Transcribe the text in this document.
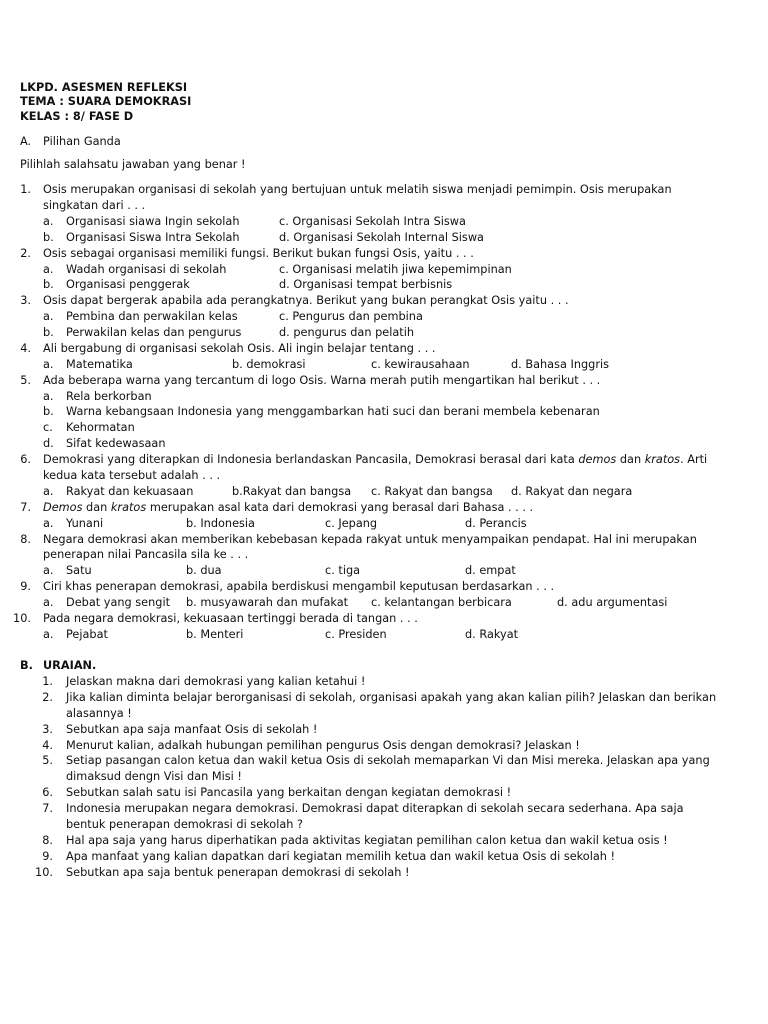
LKPD. ASESMEN REFLEKSI
TEMA : SUARA DEMOKRASI
KELAS : 8/ FASE D
A. Pilihan Ganda
Pilihlah salahsatu jawaban yang benar !
1. Osis merupakan organisasi di sekolah yang bertujuan untuk melatih siswa menjadi pemimpin. Osis merupakan
singkatan dari . . .
a. Organisasi siawa Ingin sekolah	c. Organisasi Sekolah Intra Siswa
b. Organisasi Siswa Intra Sekolah	d. Organisasi Sekolah Internal Siswa
2. Osis sebagai organisasi memiliki fungsi. Berikut bukan fungsi Osis, yaitu . . .
a. Wadah organisasi di sekolah	c. Organisasi melatih jiwa kepemimpinan
b. Organisasi penggerak	d. Organisasi tempat berbisnis
3. Osis dapat bergerak apabila ada perangkatnya. Berikut yang bukan perangkat Osis yaitu . . .
a. Pembina dan perwakilan kelas	c. Pengurus dan pembina
b. Perwakilan kelas dan pengurus	d. pengurus dan pelatih
4. Ali bergabung di organisasi sekolah Osis. Ali ingin belajar tentang . . .
a. Matematika	b. demokrasi	c. kewirausahaan	d. Bahasa Inggris
5. Ada beberapa warna yang tercantum di logo Osis. Warna merah putih mengartikan hal berikut . . .
a. Rela berkorban
b. Warna kebangsaan Indonesia yang menggambarkan hati suci dan berani membela kebenaran
c. Kehormatan
d. Sifat kedewasaan
6. Demokrasi yang diterapkan di Indonesia berlandaskan Pancasila, Demokrasi berasal dari kata demos dan kratos. Arti
kedua kata tersebut adalah . . .
a. Rakyat dan kekuasaan	b.Rakyat dan bangsa c. Rakyat dan bangsa d. Rakyat dan negara
7. Demos dan kratos merupakan asal kata dari demokrasi yang berasal dari Bahasa . . . .
a. Yunani	b. Indonesia	c. Jepang	d. Perancis
8. Negara demokrasi akan memberikan kebebasan kepada rakyat untuk menyampaikan pendapat. Hal ini merupakan
penerapan nilai Pancasila sila ke . . .
a. Satu	b. dua	c. tiga	d. empat
9. Ciri khas penerapan demokrasi, apabila berdiskusi mengambil keputusan berdasarkan . . .
a. Debat yang sengit b. musyawarah dan mufakat c. kelantangan berbicara	d. adu argumentasi
10. Pada negara demokrasi, kekuasaan tertinggi berada di tangan . . .
a. Pejabat	b. Menteri	c. Presiden	d. Rakyat
B. URAIAN.
1. Jelaskan makna dari demokrasi yang kalian ketahui !
2. Jika kalian diminta belajar berorganisasi di sekolah, organisasi apakah yang akan kalian pilih? Jelaskan dan berikan
alasannya !
3. Sebutkan apa saja manfaat Osis di sekolah !
4. Menurut kalian, adalkah hubungan pemilihan pengurus Osis dengan demokrasi? Jelaskan !
5. Setiap pasangan calon ketua dan wakil ketua Osis di sekolah memaparkan Vi dan Misi mereka. Jelaskan apa yang
dimaksud dengn Visi dan Misi !
6. Sebutkan salah satu isi Pancasila yang berkaitan dengan kegiatan demokrasi !
7. Indonesia merupakan negara demokrasi. Demokrasi dapat diterapkan di sekolah secara sederhana. Apa saja
bentuk penerapan demokrasi di sekolah ?
8. Hal apa saja yang harus diperhatikan pada aktivitas kegiatan pemilihan calon ketua dan wakil ketua osis !
9. Apa manfaat yang kalian dapatkan dari kegiatan memilih ketua dan wakil ketua Osis di sekolah !
10. Sebutkan apa saja bentuk penerapan demokrasi di sekolah !
